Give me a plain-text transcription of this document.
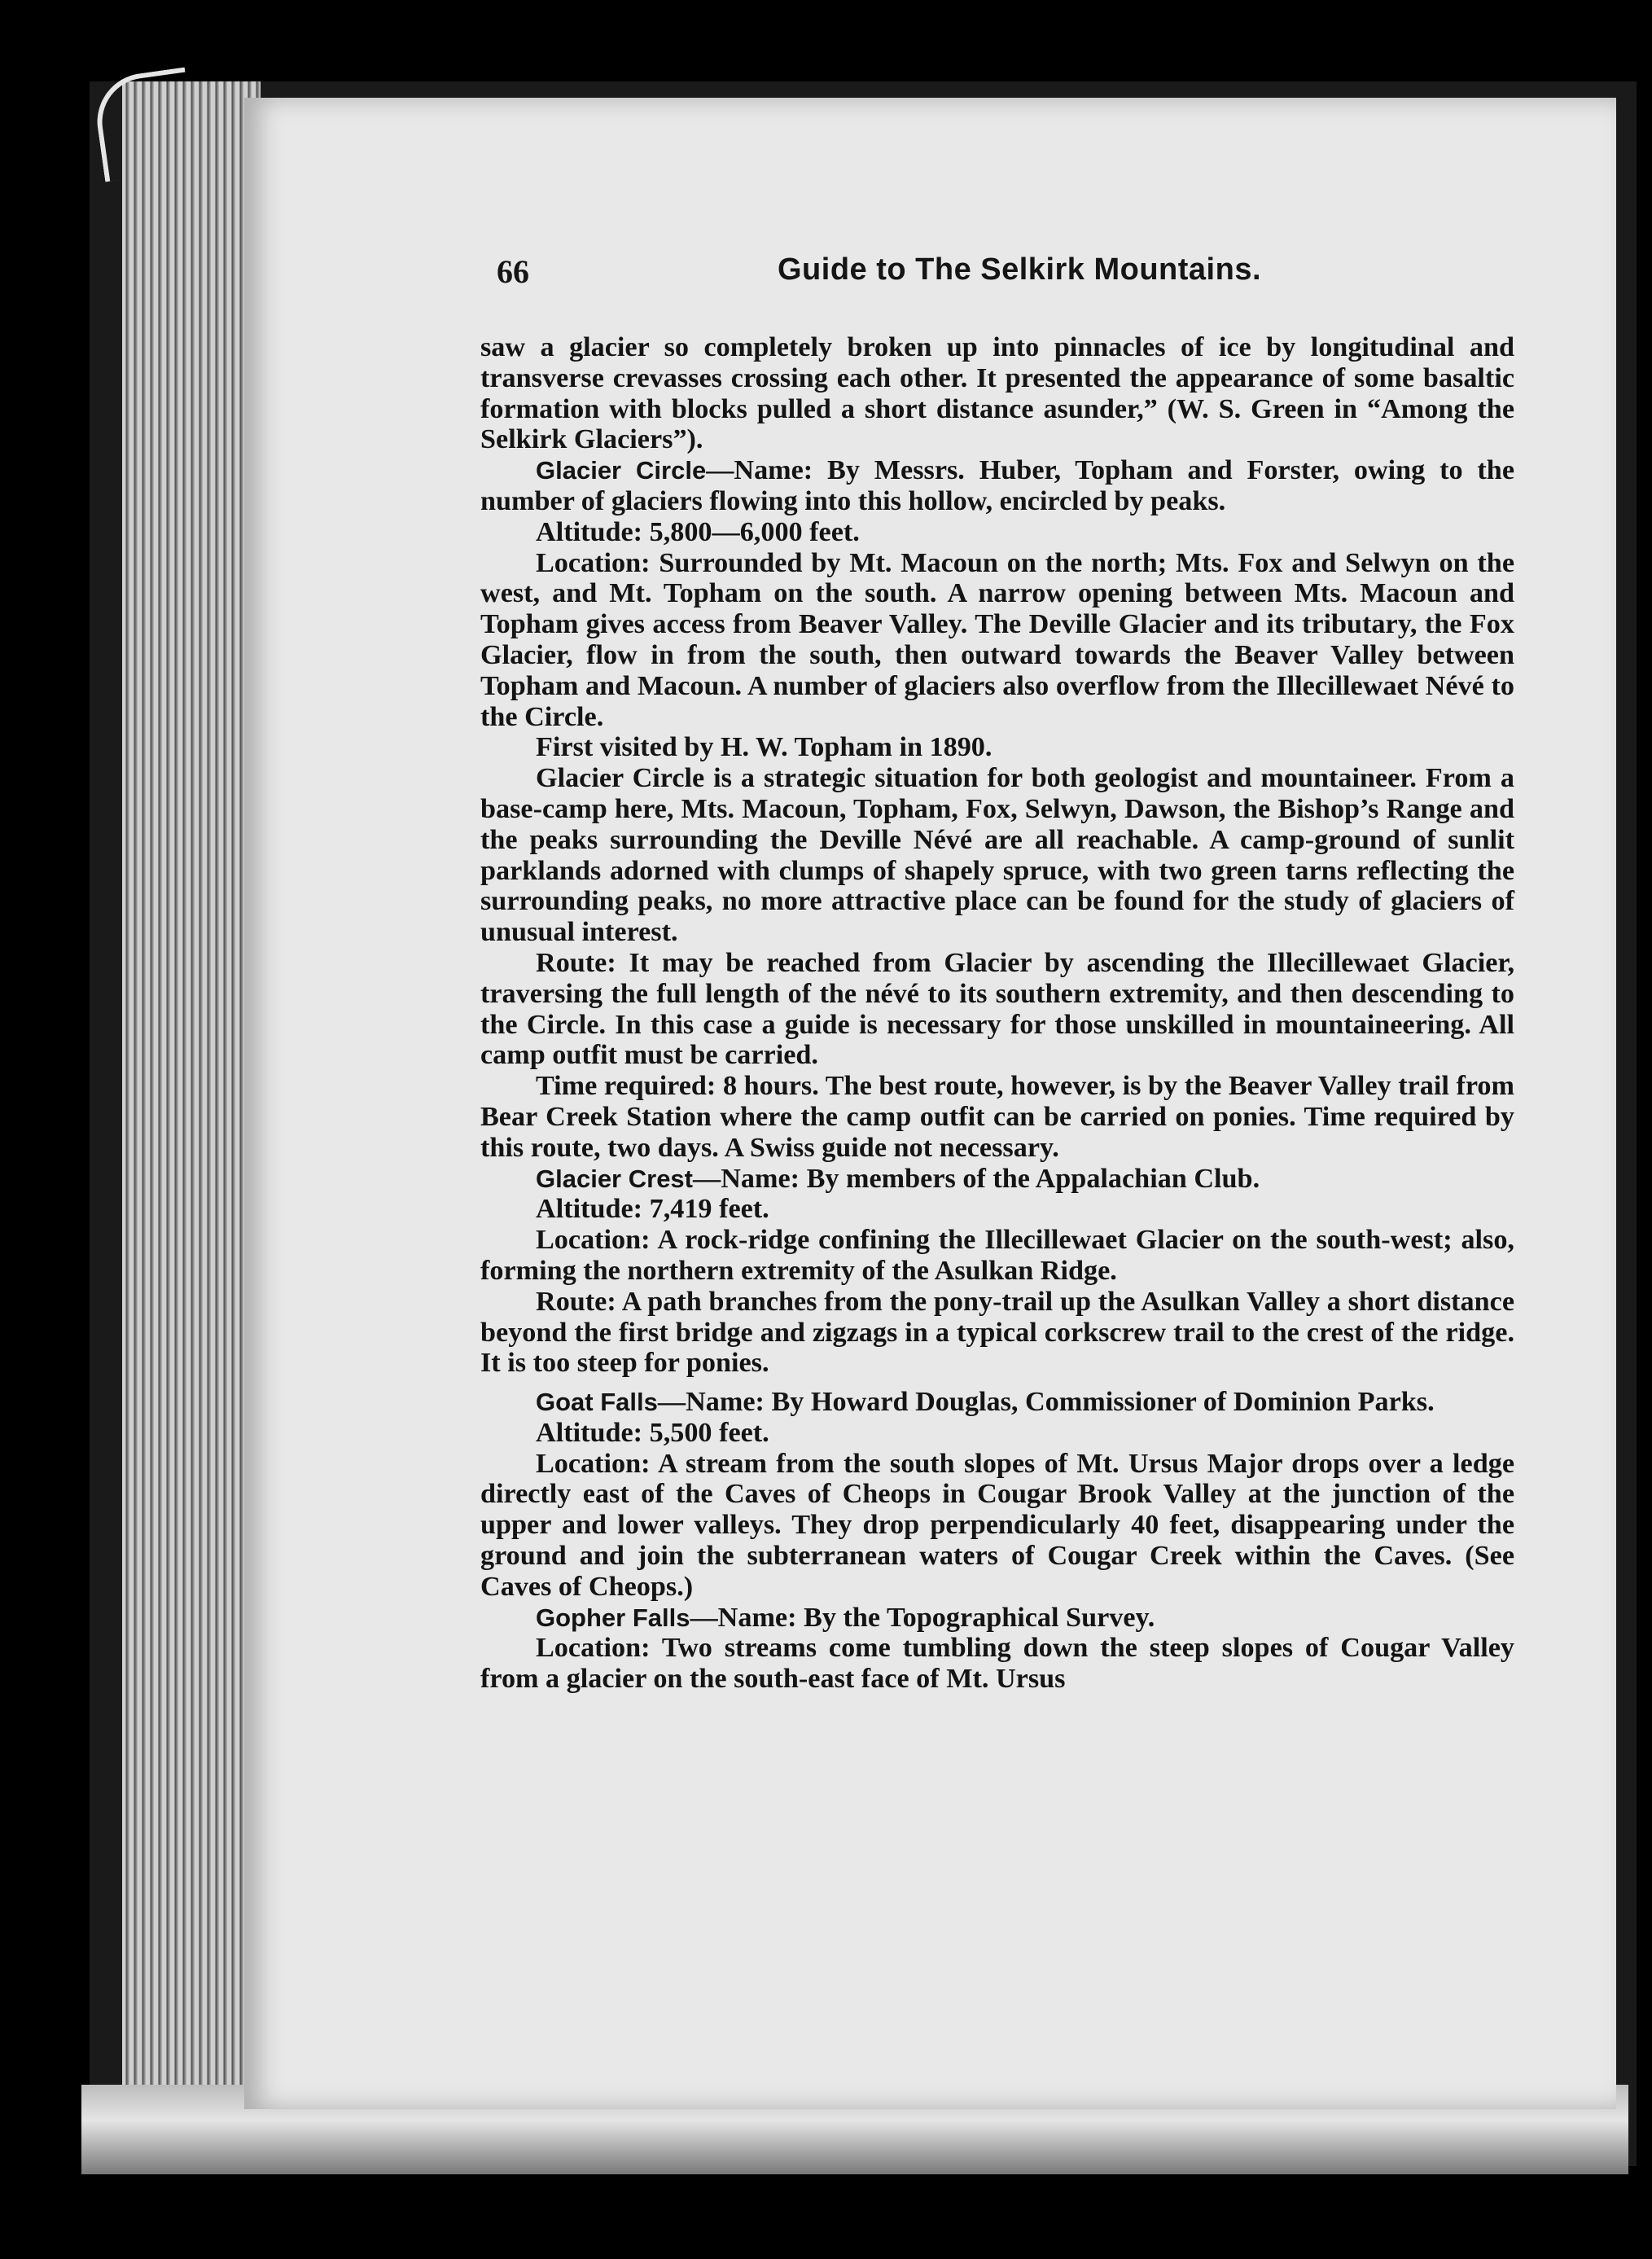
66	Guide to The Selkirk Mountains.

saw a glacier so completely broken up into pinnacles of ice by longitudinal and transverse crevasses crossing each other. It presented the appearance of some basaltic formation with blocks pulled a short distance asunder,” (W. S. Green in “Among the Selkirk Glaciers”).

Glacier Circle—Name: By Messrs. Huber, Topham and Forster, owing to the number of glaciers flowing into this hollow, encircled by peaks.

Altitude: 5,800—6,000 feet.

Location: Surrounded by Mt. Macoun on the north; Mts. Fox and Selwyn on the west, and Mt. Topham on the south. A narrow opening between Mts. Macoun and Topham gives access from Beaver Valley. The Deville Glacier and its tributary, the Fox Glacier, flow in from the south, then outward towards the Beaver Valley between Topham and Macoun. A number of glaciers also overflow from the Illecillewaet Névé to the Circle.

First visited by H. W. Topham in 1890.

Glacier Circle is a strategic situation for both geologist and mountaineer. From a base-camp here, Mts. Macoun, Topham, Fox, Selwyn, Dawson, the Bishop’s Range and the peaks surrounding the Deville Névé are all reachable. A camp-ground of sunlit parklands adorned with clumps of shapely spruce, with two green tarns reflecting the surrounding peaks, no more attractive place can be found for the study of glaciers of unusual interest.

Route: It may be reached from Glacier by ascending the Illecillewaet Glacier, traversing the full length of the névé to its southern extremity, and then descending to the Circle. In this case a guide is necessary for those unskilled in mountaineering. All camp outfit must be carried.

Time required: 8 hours. The best route, however, is by the Beaver Valley trail from Bear Creek Station where the camp outfit can be carried on ponies. Time required by this route, two days. A Swiss guide not necessary.

Glacier Crest—Name: By members of the Appalachian Club.

Altitude: 7,419 feet.

Location: A rock-ridge confining the Illecillewaet Glacier on the south-west; also, forming the northern extremity of the Asulkan Ridge.

Route: A path branches from the pony-trail up the Asulkan Valley a short distance beyond the first bridge and zigzags in a typical corkscrew trail to the crest of the ridge. It is too steep for ponies.

Goat Falls—Name: By Howard Douglas, Commissioner of Dominion Parks.

Altitude: 5,500 feet.

Location: A stream from the south slopes of Mt. Ursus Major drops over a ledge directly east of the Caves of Cheops in Cougar Brook Valley at the junction of the upper and lower valleys. They drop perpendicularly 40 feet, disappearing under the ground and join the subterranean waters of Cougar Creek within the Caves. (See Caves of Cheops.)

Gopher Falls—Name: By the Topographical Survey.

Location: Two streams come tumbling down the steep slopes of Cougar Valley from a glacier on the south-east face of Mt. Ursus
